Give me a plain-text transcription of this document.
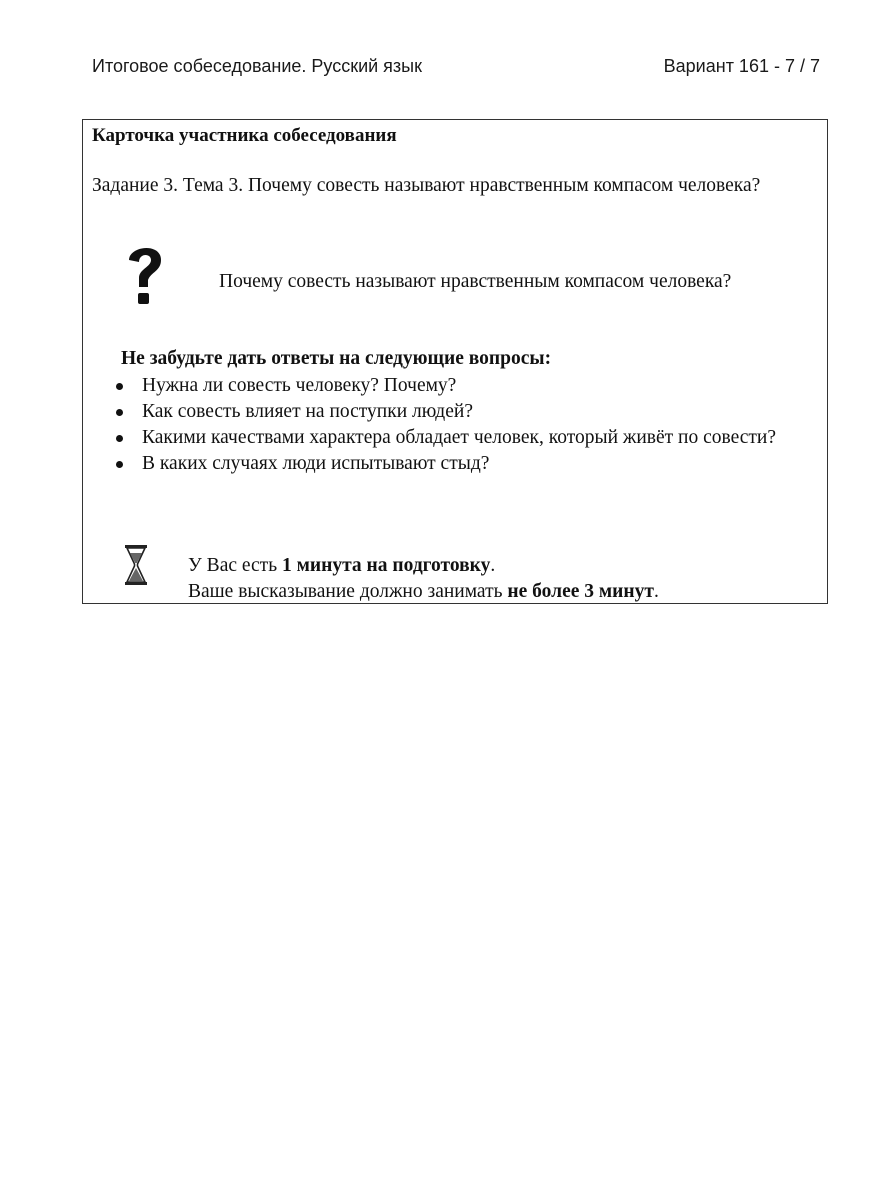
Итоговое собеседование. Русский язык	Вариант 161 - 7 / 7
Карточка участника собеседования
Задание 3. Тема 3. Почему совесть называют нравственным компасом человека?
Почему совесть называют нравственным компасом человека?
Не забудьте дать ответы на следующие вопросы:
Нужна ли совесть человеку? Почему?
Как совесть влияет на поступки людей?
Какими качествами характера обладает человек, который живёт по совести?
В каких случаях люди испытывают стыд?
У Вас есть 1 минута на подготовку.
Ваше высказывание должно занимать не более 3 минут.
